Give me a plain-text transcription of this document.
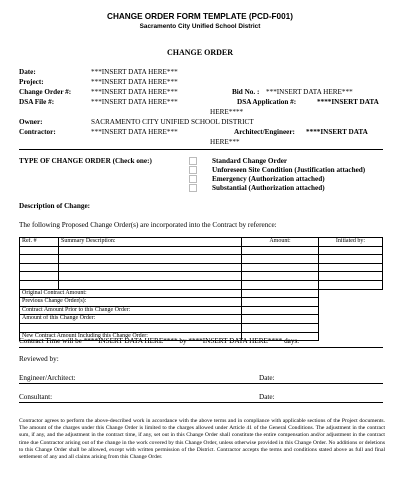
CHANGE ORDER FORM TEMPLATE (PCD-F001)
Sacramento City Unified School District
CHANGE ORDER
Date:	***INSERT DATA HERE***
Project:	***INSERT DATA HERE***
Change Order #:	***INSERT DATA HERE***	Bid No. : ***INSERT DATA HERE***
DSA File #:	***INSERT DATA HERE***	DSA Application #:	****INSERT DATA
HERE****
Owner:	SACRAMENTO CITY UNIFIED SCHOOL DISTRICT
Contractor:	***INSERT DATA HERE***	Architect/Engineer: ****INSERT DATA
HERE***
TYPE OF CHANGE ORDER (Check one:)	Standard Change Order
Unforeseen Site Condition (Justification attached)
Emergency (Authorization attached)
Substantial (Authorization attached)
Description of Change:
The following Proposed Change Order(s) are incorporated into the Contract by reference:
Ref. #	Summary Description:	Amount:	Initiated by:

Original Contract Amount:			
Previous Change Order(s):			
Contract Amount Prior to this Change Order:			
Amount of this Change Order:			

New Contract Amount Including this Change Order:			
Contract Time will be ****INSERT DATA HERE**** by ****INSERT DATA HERE**** days.
Reviewed by:
Engineer/Architect:	Date:
Consultant:	Date:
Contractor agrees to perform the above-described work in accordance with the above terms and in compliance with applicable sections of the Project documents. The amount of the charges under this Change Order is limited to the charges allowed under Article 41 of the General Conditions. The adjustment in the contract sum, if any, and the adjustment in the contract time, if any, set out in this Change Order shall constitute the entire compensation and/or adjustment in the contract time due Contractor arising out of the change in the work covered by this Change Order, unless otherwise provided in this Change Order. No additions or deletions to this Change Order shall be allowed, except with written permission of the District. Contractor accepts the terms and conditions stated above as full and final settlement of any and all claims arising from this Change Order.
